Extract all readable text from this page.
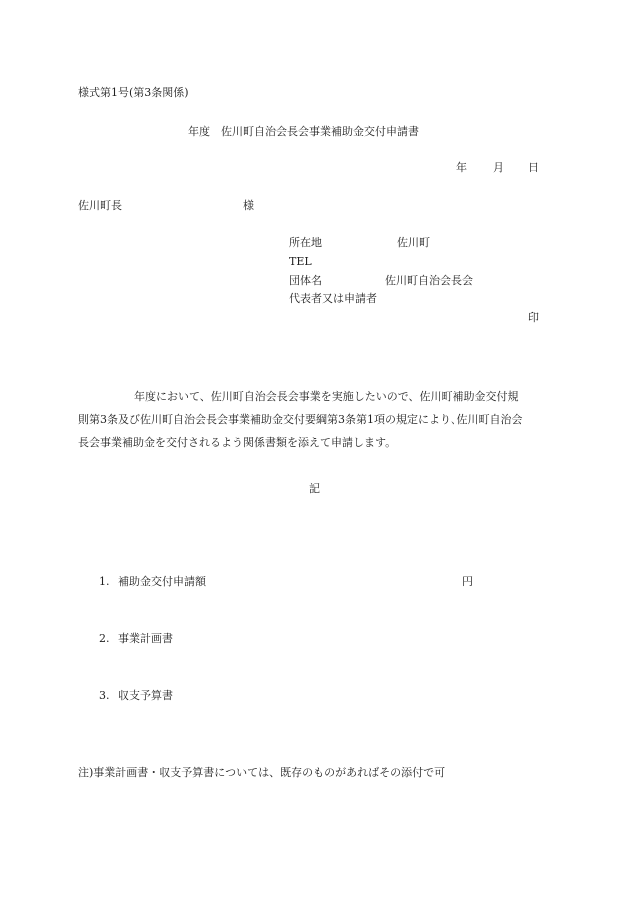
様式第1号(第3条関係)
年度　佐川町自治会長会事業補助金交付申請書
年 月 日
佐川町長	様
所在地	佐川町
TEL
団体名	佐川町自治会長会
代表者又は申請者
印
年度において、佐川町自治会長会事業を実施したいので、佐川町補助金交付規
則第3条及び佐川町自治会長会事業補助金交付要綱第3条第1項の規定により､佐川町自治会
長会事業補助金を交付されるよう関係書類を添えて申請します。
記
1. 補助金交付申請額	円
2. 事業計画書
3. 収支予算書
注)事業計画書・収支予算書については、既存のものがあればその添付で可
